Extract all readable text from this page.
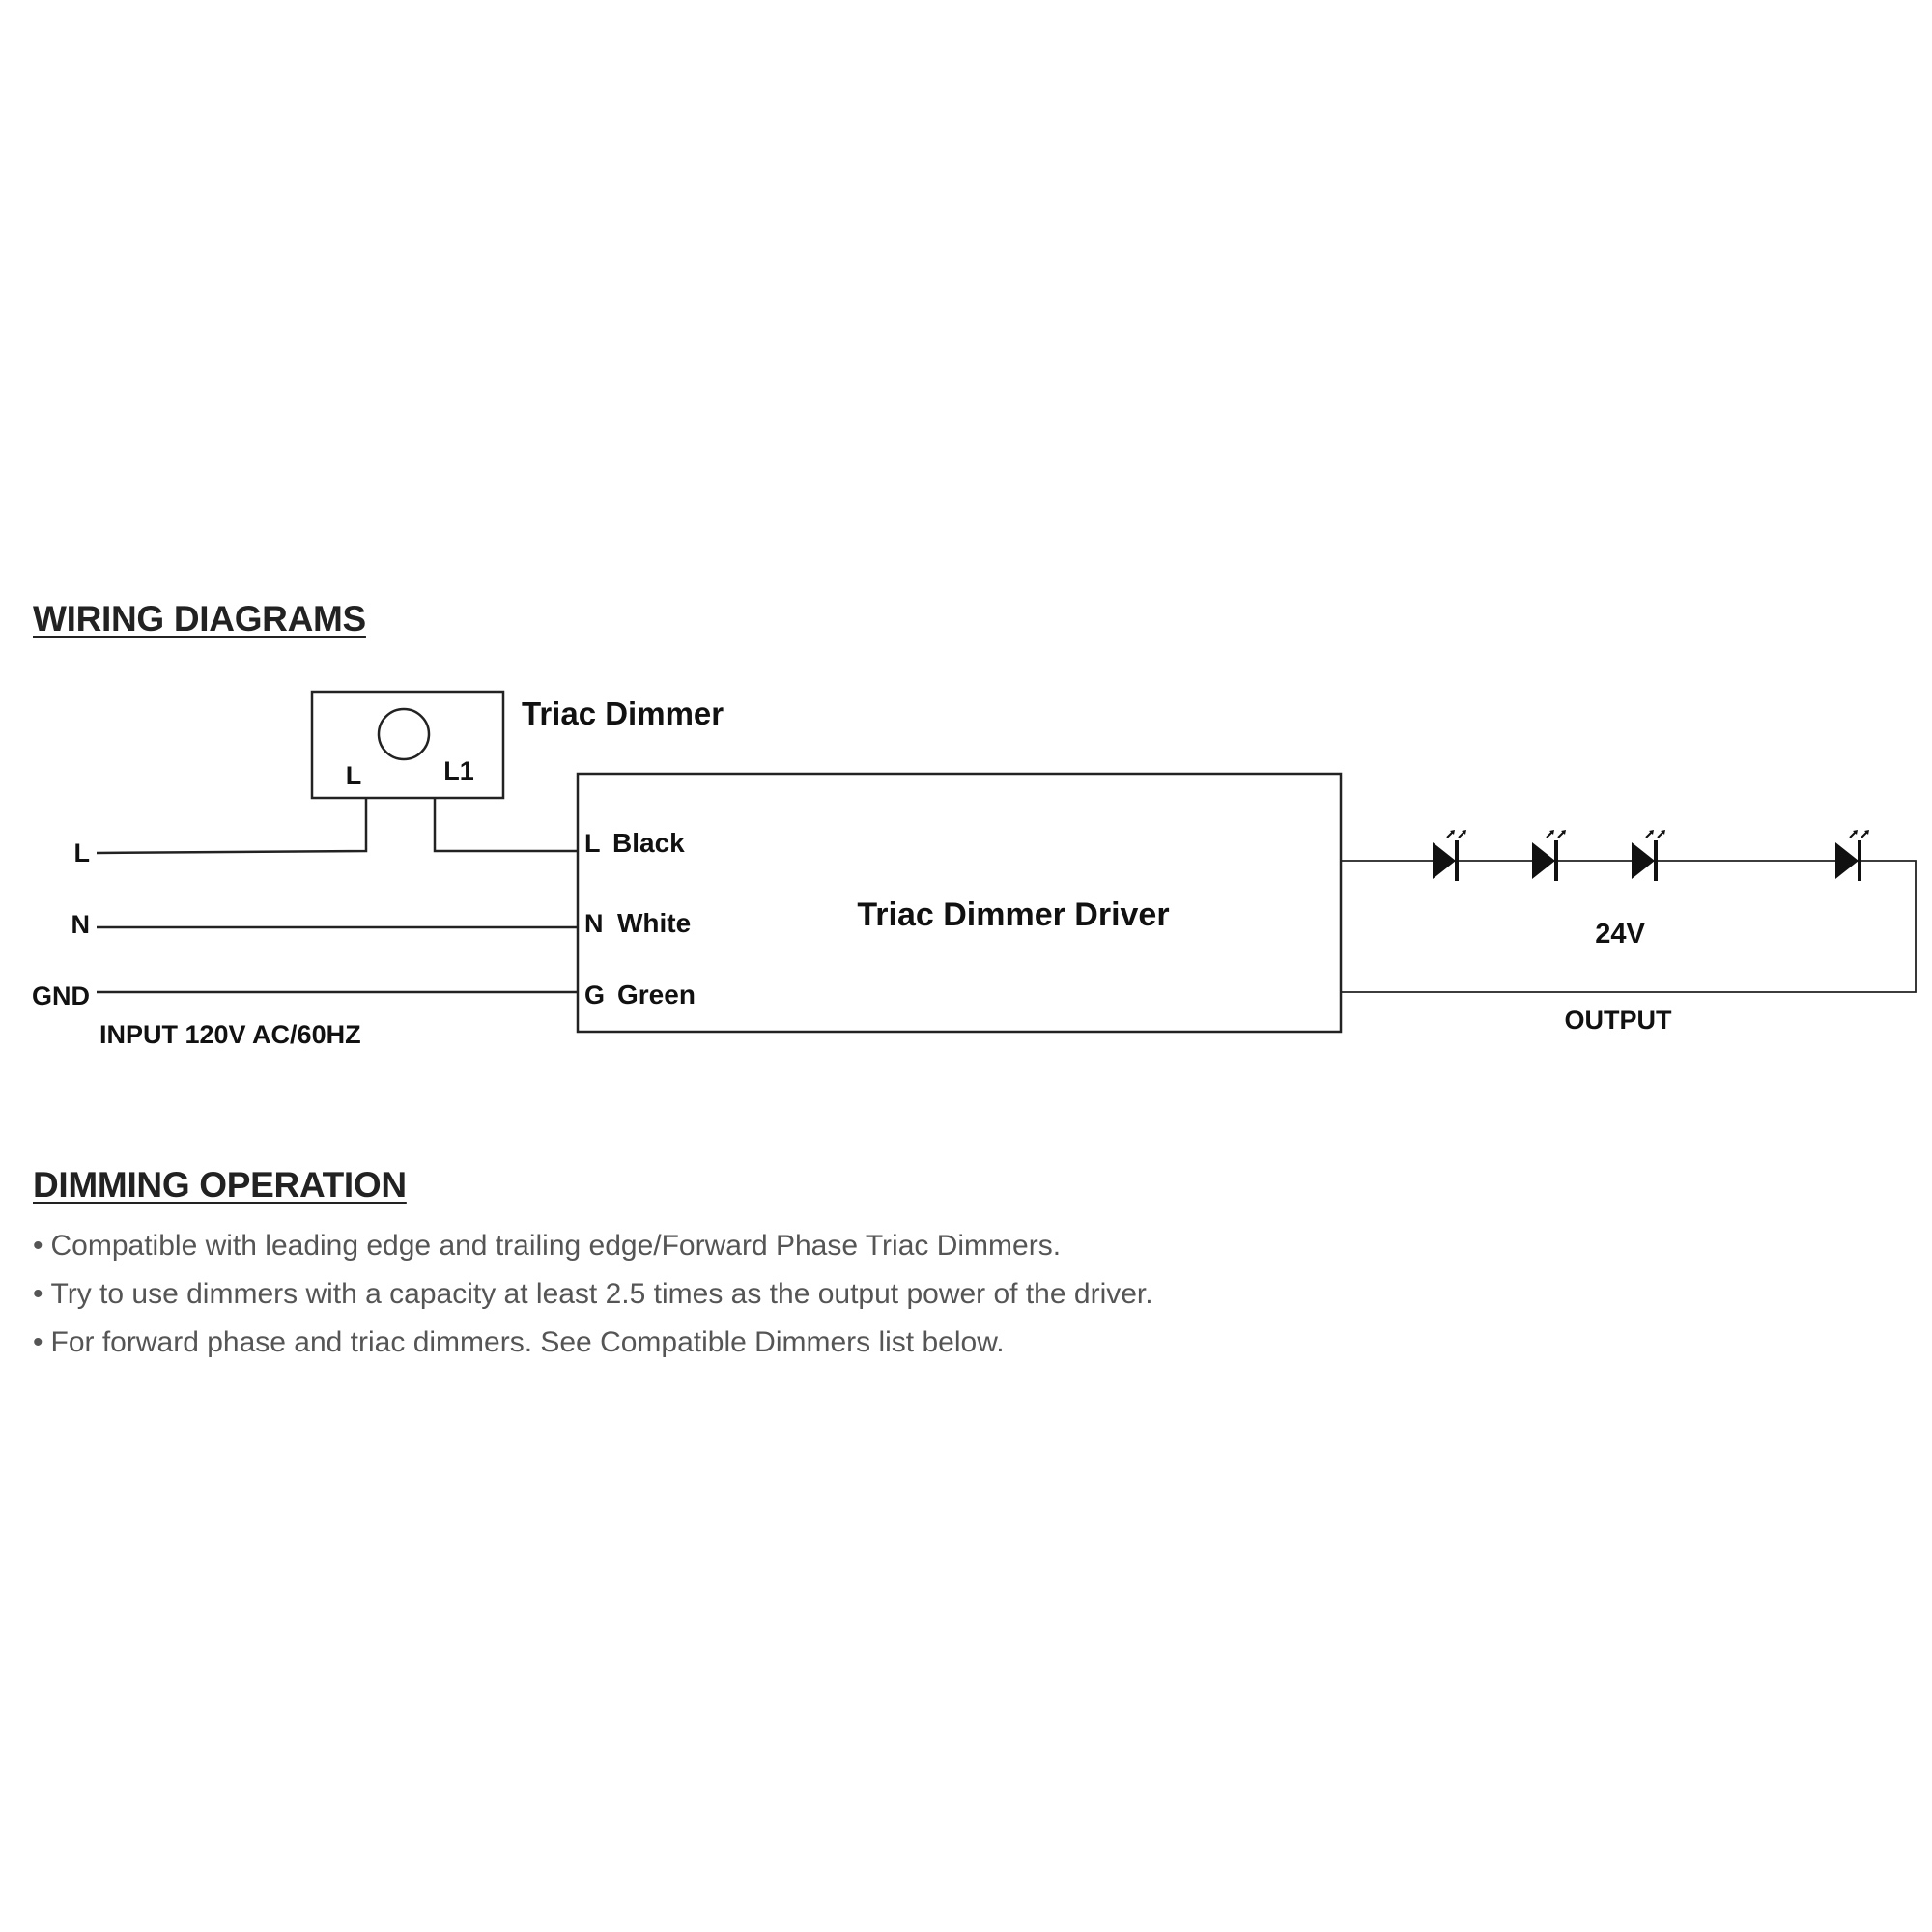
WIRING DIAGRAMS
L	L1
Triac Dimmer
L
N
GND
INPUT 120V AC/60HZ
L Black
N White
G Green
Triac Dimmer Driver
24V
OUTPUT
DIMMING OPERATION
• Compatible with leading edge and trailing edge/Forward Phase Triac Dimmers.
• Try to use dimmers with a capacity at least 2.5 times as the output power of the driver.
• For forward phase and triac dimmers. See Compatible Dimmers list below.
